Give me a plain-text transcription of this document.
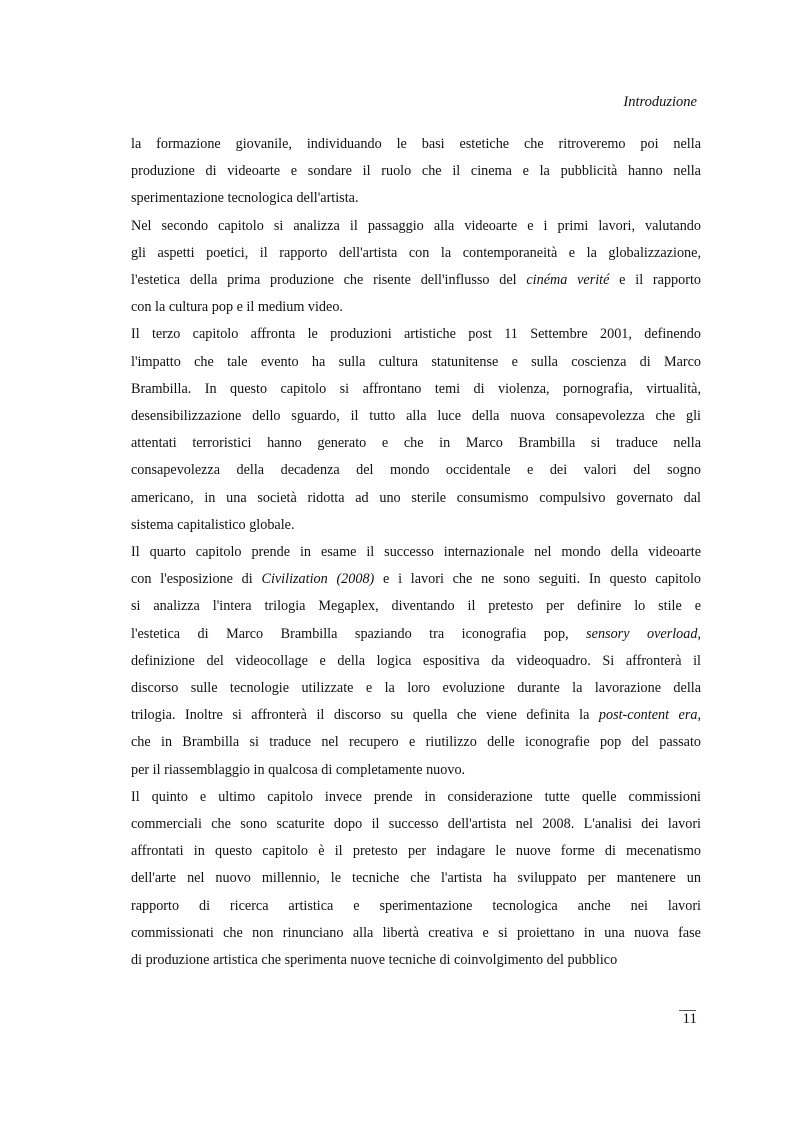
Introduzione

la formazione giovanile, individuando le basi estetiche che ritroveremo poi nella
produzione di videoarte e sondare il ruolo che il cinema e la pubblicità hanno nella
sperimentazione tecnologica dell'artista.

Nel secondo capitolo si analizza il passaggio alla videoarte e i primi lavori, valutando
gli aspetti poetici, il rapporto dell'artista con la contemporaneità e la globalizzazione,
l'estetica della prima produzione che risente dell'influsso del cinéma verité e il rapporto
con la cultura pop e il medium video.

Il terzo capitolo affronta le produzioni artistiche post 11 Settembre 2001, definendo
l'impatto che tale evento ha sulla cultura statunitense e sulla coscienza di Marco
Brambilla. In questo capitolo si affrontano temi di violenza, pornografia, virtualità,
desensibilizzazione dello sguardo, il tutto alla luce della nuova consapevolezza che gli
attentati terroristici hanno generato e che in Marco Brambilla si traduce nella
consapevolezza della decadenza del mondo occidentale e dei valori del sogno
americano, in una società ridotta ad uno sterile consumismo compulsivo governato dal
sistema capitalistico globale.

Il quarto capitolo prende in esame il successo internazionale nel mondo della videoarte
con l'esposizione di Civilization (2008) e i lavori che ne sono seguiti. In questo capitolo
si analizza l'intera trilogia Megaplex, diventando il pretesto per definire lo stile e
l'estetica di Marco Brambilla spaziando tra iconografia pop, sensory overload,
definizione del videocollage e della logica espositiva da videoquadro. Si affronterà il
discorso sulle tecnologie utilizzate e la loro evoluzione durante la lavorazione della
trilogia. Inoltre si affronterà il discorso su quella che viene definita la post-content era,
che in Brambilla si traduce nel recupero e riutilizzo delle iconografie pop del passato
per il riassemblaggio in qualcosa di completamente nuovo.

Il quinto e ultimo capitolo invece prende in considerazione tutte quelle commissioni
commerciali che sono scaturite dopo il successo dell'artista nel 2008. L'analisi dei lavori
affrontati in questo capitolo è il pretesto per indagare le nuove forme di mecenatismo
dell'arte nel nuovo millennio, le tecniche che l'artista ha sviluppato per mantenere un
rapporto di ricerca artistica e sperimentazione tecnologica anche nei lavori
commissionati che non rinunciano alla libertà creativa e si proiettano in una nuova fase
di produzione artistica che sperimenta nuove tecniche di coinvolgimento del pubblico

11
